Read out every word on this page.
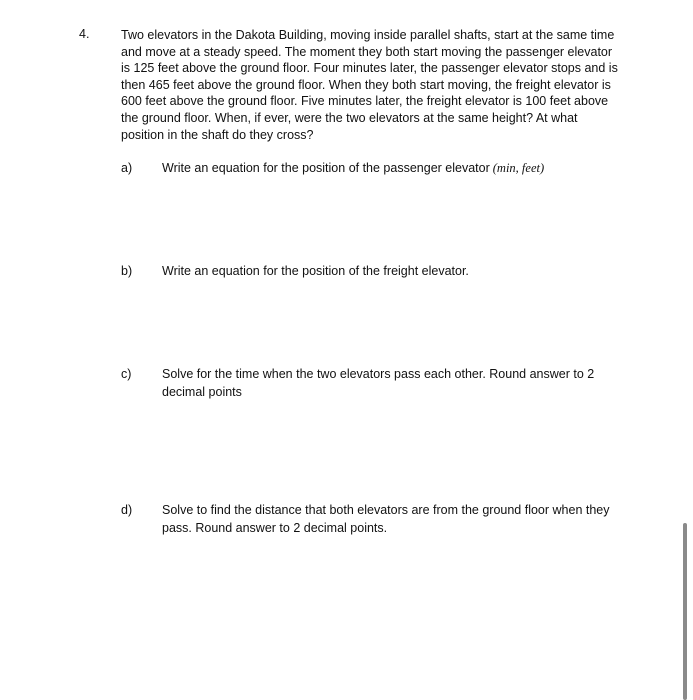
4.	Two elevators in the Dakota Building, moving inside parallel shafts, start at the same time and move at a steady speed. The moment they both start moving the passenger elevator is 125 feet above the ground floor. Four minutes later, the passenger elevator stops and is then 465 feet above the ground floor. When they both start moving, the freight elevator is 600 feet above the ground floor. Five minutes later, the freight elevator is 100 feet above the ground floor. When, if ever, were the two elevators at the same height? At what position in the shaft do they cross?
a) Write an equation for the position of the passenger elevator (min, feet)
b) Write an equation for the position of the freight elevator.
c) Solve for the time when the two elevators pass each other. Round answer to 2 decimal points
d) Solve to find the distance that both elevators are from the ground floor when they pass. Round answer to 2 decimal points.
